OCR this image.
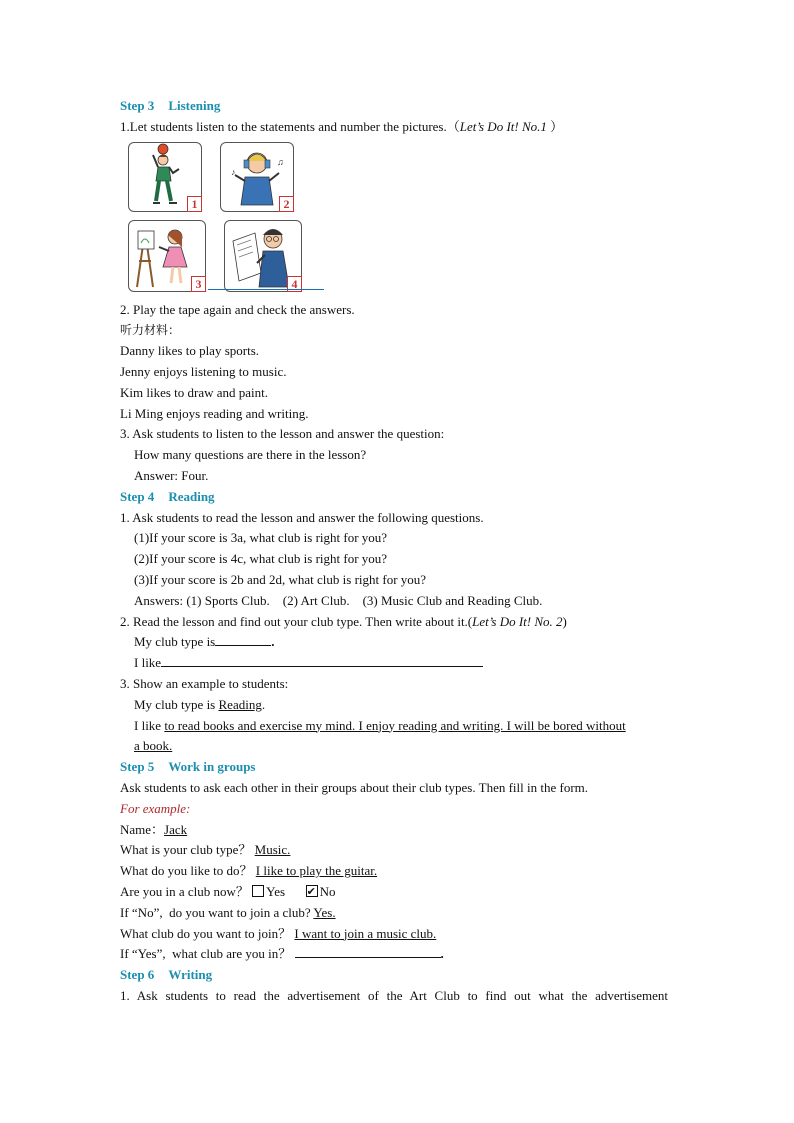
Step 3 Listening
1.Let students listen to the statements and number the pictures.（Let’s Do It! No.1 ）
1
♪
♫
2
3	4
2. Play the tape again and check the answers.
听力材料：
Danny likes to play sports.
Jenny enjoys listening to music.
Kim likes to draw and paint.
Li Ming enjoys reading and writing.
3. Ask students to listen to the lesson and answer the question:
How many questions are there in the lesson?
Answer: Four.
Step 4 Reading
1. Ask students to read the lesson and answer the following questions.
(1)If your score is 3a, what club is right for you?
(2)If your score is 4c, what club is right for you?
(3)If your score is 2b and 2d, what club is right for you?
Answers: (1) Sports Club.    (2) Art Club.    (3) Music Club and Reading Club.
2. Read the lesson and find out your club type. Then write about it.(Let’s Do It! No. 2)
My club type is	.
I like
3. Show an example to students:
My club type is Reading.
I like to read books and exercise my mind. I enjoy reading and writing. I will be bored without
a book.
Step 5 Work in groups
Ask students to ask each other in their groups about their club types. Then fill in the form.
For example:
Name：Jack
What is your club type？ Music.
What do you like to do？ I like to play the guitar.
Are you in a club now？ Yes  ✔	No
If “No”,  do you want to join a club? Yes.
What club do you want to join？ I want to join a music club.
If “Yes”,  what club are you in？	.
Step 6 Writing
1. Ask students to read the advertisement of the Art Club to find out what the advertisement
